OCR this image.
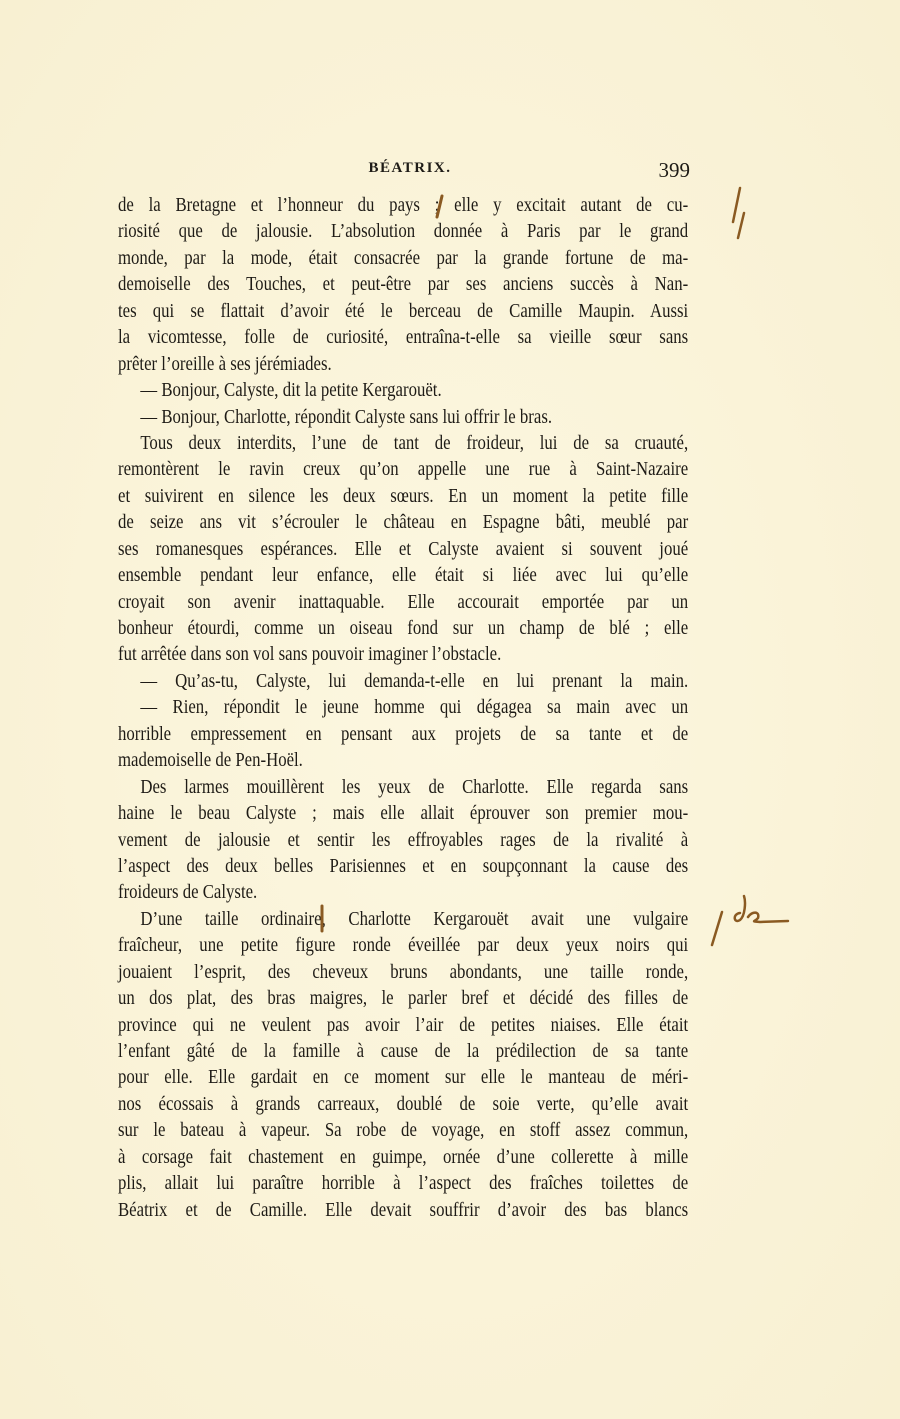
BÉATRIX.	399
de la Bretagne et l’honneur du pays ; elle y excitait autant de cu-
riosité que de jalousie. L’absolution donnée à Paris par le grand
monde, par la mode, était consacrée par la grande fortune de ma-
demoiselle des Touches, et peut-être par ses anciens succès à Nan-
tes qui se flattait d’avoir été le berceau de Camille Maupin. Aussi
la vicomtesse, folle de curiosité, entraîna-t-elle sa vieille sœur sans
prêter l’oreille à ses jérémiades.
— Bonjour, Calyste, dit la petite Kergarouët.
— Bonjour, Charlotte, répondit Calyste sans lui offrir le bras.
Tous deux interdits, l’une de tant de froideur, lui de sa cruauté,
remontèrent le ravin creux qu’on appelle une rue à Saint-Nazaire
et suivirent en silence les deux sœurs. En un moment la petite fille
de seize ans vit s’écrouler le château en Espagne bâti, meublé par
ses romanesques espérances. Elle et Calyste avaient si souvent joué
ensemble pendant leur enfance, elle était si liée avec lui qu’elle
croyait son avenir inattaquable. Elle accourait emportée par un
bonheur étourdi, comme un oiseau fond sur un champ de blé ; elle
fut arrêtée dans son vol sans pouvoir imaginer l’obstacle.
— Qu’as-tu, Calyste, lui demanda-t-elle en lui prenant la main.
— Rien, répondit le jeune homme qui dégagea sa main avec un
horrible empressement en pensant aux projets de sa tante et de
mademoiselle de Pen-Hoël.
Des larmes mouillèrent les yeux de Charlotte. Elle regarda sans
haine le beau Calyste ; mais elle allait éprouver son premier mou-
vement de jalousie et sentir les effroyables rages de la rivalité à
l’aspect des deux belles Parisiennes et en soupçonnant la cause des
froideurs de Calyste.
D’une taille ordinaire, Charlotte Kergarouët avait une vulgaire
fraîcheur, une petite figure ronde éveillée par deux yeux noirs qui
jouaient l’esprit, des cheveux bruns abondants, une taille ronde,
un dos plat, des bras maigres, le parler bref et décidé des filles de
province qui ne veulent pas avoir l’air de petites niaises. Elle était
l’enfant gâté de la famille à cause de la prédilection de sa tante
pour elle. Elle gardait en ce moment sur elle le manteau de méri-
nos écossais à grands carreaux, doublé de soie verte, qu’elle avait
sur le bateau à vapeur. Sa robe de voyage, en stoff assez commun,
à corsage fait chastement en guimpe, ornée d’une collerette à mille
plis, allait lui paraître horrible à l’aspect des fraîches toilettes de
Béatrix et de Camille. Elle devait souffrir d’avoir des bas blancs
